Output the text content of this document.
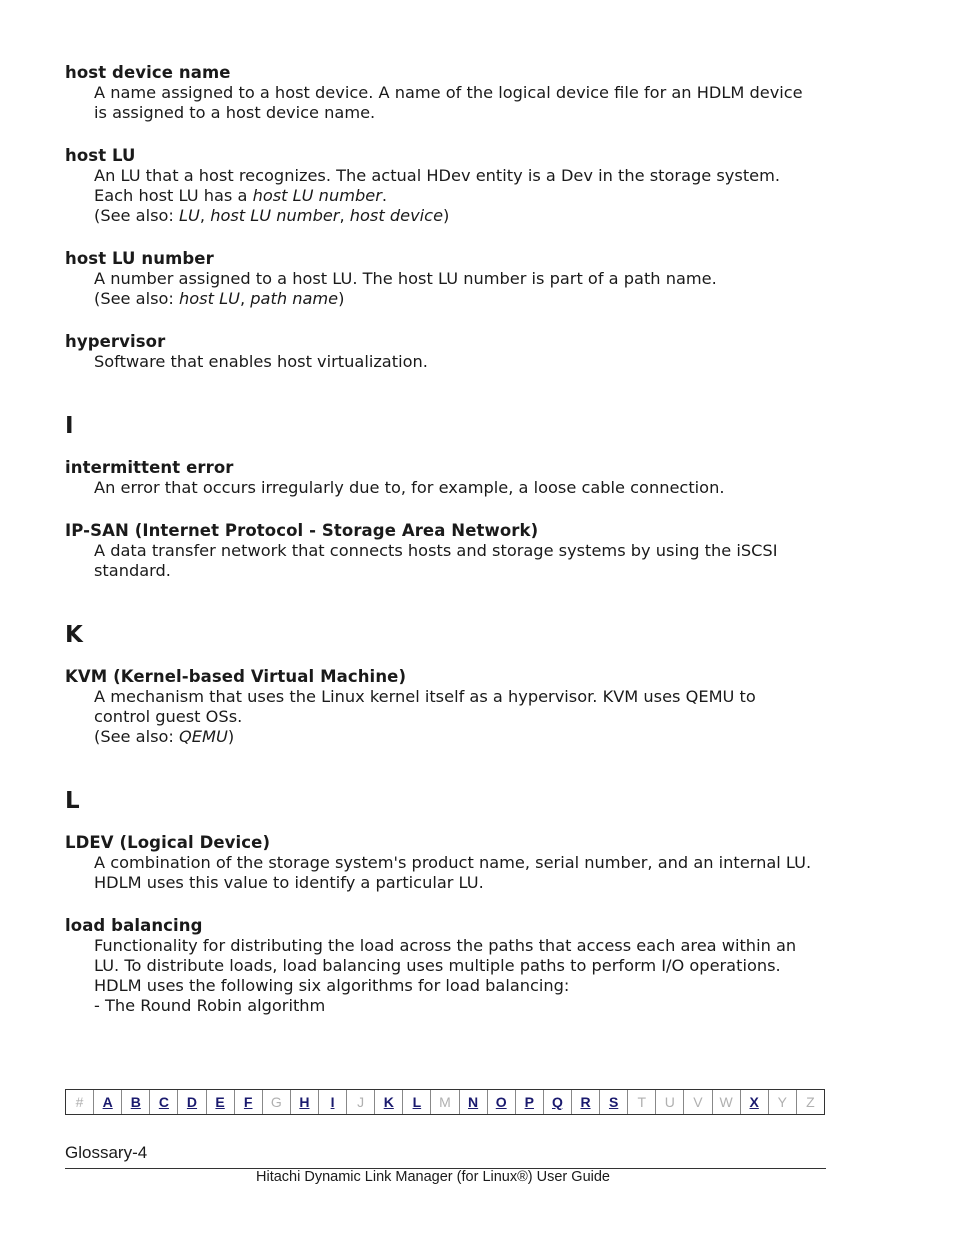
host device name

A name assigned to a host device. A name of the logical device file for an HDLM device

is assigned to a host device name.

host LU

An LU that a host recognizes. The actual HDev entity is a Dev in the storage system.

Each host LU has a host LU number.

(See also: LU, host LU number, host device)

host LU number

A number assigned to a host LU. The host LU number is part of a path name.

(See also: host LU, path name)

hypervisor

Software that enables host virtualization.

I
intermittent error

An error that occurs irregularly due to, for example, a loose cable connection.

IP-SAN (Internet Protocol - Storage Area Network)

A data transfer network that connects hosts and storage systems by using the iSCSI

standard.

K
KVM (Kernel-based Virtual Machine)

A mechanism that uses the Linux kernel itself as a hypervisor. KVM uses QEMU to

control guest OSs.

(See also: QEMU)

L
LDEV (Logical Device)

A combination of the storage system's product name, serial number, and an internal LU.

HDLM uses this value to identify a particular LU.

load balancing

Functionality for distributing the load across the paths that access each area within an

LU. To distribute loads, load balancing uses multiple paths to perform I/O operations.

HDLM uses the following six algorithms for load balancing:

- The Round Robin algorithm

#	A	B	C	D	E	F	G	H	I	J	K	L	M	N	O	P	Q	R	S	T	U	V	W	X	Y	Z
Glossary-4
Hitachi Dynamic Link Manager (for Linux®) User Guide
